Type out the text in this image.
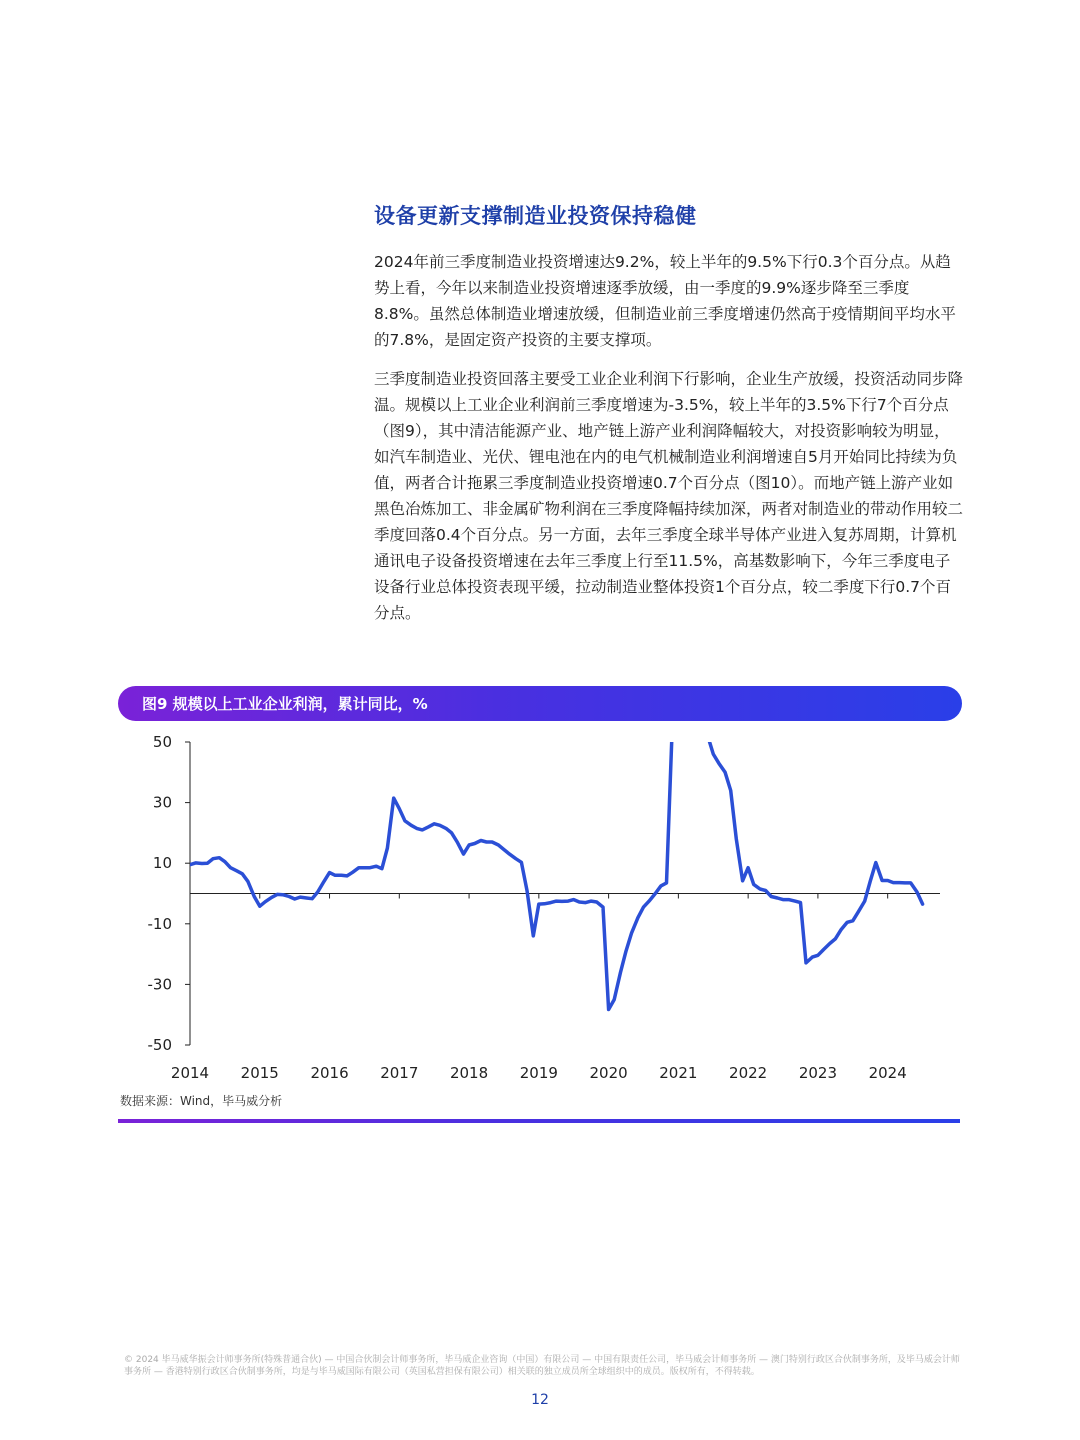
设备更新支撑制造业投资保持稳健

2024年前三季度制造业投资增速达9.2%，较上半年的9.5%下行0.3个百分点。从趋势上看，今年以来制造业投资增速逐季放缓，由一季度的9.9%逐步降至三季度8.8%。虽然总体制造业增速放缓，但制造业前三季度增速仍然高于疫情期间平均水平的7.8%，是固定资产投资的主要支撑项。

三季度制造业投资回落主要受工业企业利润下行影响，企业生产放缓，投资活动同步降温。规模以上工业企业利润前三季度增速为-3.5%，较上半年的3.5%下行7个百分点（图9），其中清洁能源产业、地产链上游产业利润降幅较大，对投资影响较为明显，如汽车制造业、光伏、锂电池在内的电气机械制造业利润增速自5月开始同比持续为负值，两者合计拖累三季度制造业投资增速0.7个百分点（图10）。而地产链上游产业如黑色冶炼加工、非金属矿物利润在三季度降幅持续加深，两者对制造业的带动作用较二季度回落0.4个百分点。另一方面，去年三季度全球半导体产业进入复苏周期，计算机通讯电子设备投资增速在去年三季度上行至11.5%，高基数影响下，今年三季度电子设备行业总体投资表现平缓，拉动制造业整体投资1个百分点，较二季度下行0.7个百分点。

图9 规模以上工业企业利润，累计同比，%
50
30
10
-10
-30
-50
2014 2015 2016 2017 2018 2019 2020 2021 2022 2023 2024
数据来源：Wind，毕马威分析
© 2024 毕马威华振会计师事务所(特殊普通合伙) — 中国合伙制会计师事务所，毕马威企业咨询（中国）有限公司 — 中国有限责任公司，毕马威会计师事务所 — 澳门特别行政区合伙制事务所，及毕马威会计师事务所 — 香港特别行政区合伙制事务所，均是与毕马威国际有限公司（英国私营担保有限公司）相关联的独立成员所全球组织中的成员。版权所有，不得转载。
12
